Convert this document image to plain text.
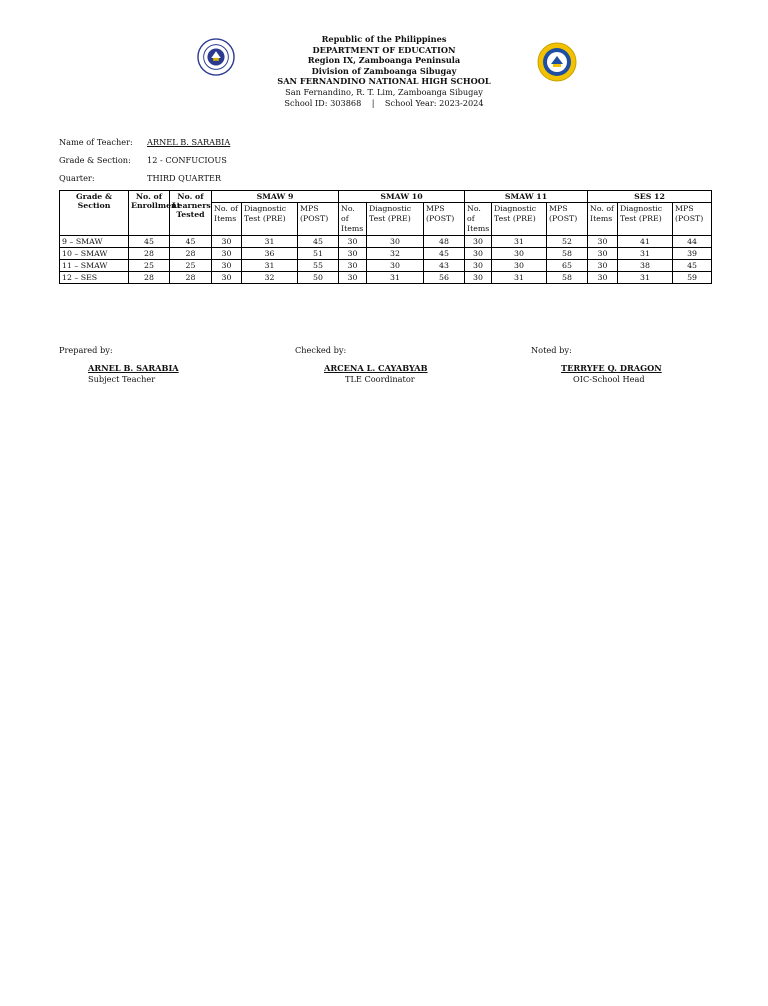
Republic of the Philippines
DEPARTMENT OF EDUCATION
Region IX, Zamboanga Peninsula
Division of Zamboanga Sibugay
SAN FERNANDINO NATIONAL HIGH SCHOOL
San Fernandino, R. T. Lim, Zamboanga Sibugay
School ID: 303868    |    School Year: 2023-2024
Name of Teacher: ARNEL B. SARABIA
Grade & Section: 12 - CONFUCIOUS
Quarter:	THIRD QUARTER
Grade & Section	No. of Enrollment	No. of Learners Tested	SMAW 9			SMAW 10			SMAW 11			SES 12		
			No. of Items	Diagnostic Test (PRE)	MPS (POST)	No. of Items	Diagnostic Test (PRE)	MPS (POST)	No. of Items	Diagnostic Test (PRE)	MPS (POST)	No. of Items	Diagnostic Test (PRE)	MPS (POST)
9 – SMAW	45	45	30	31	45	30	30	48	30	31	52	30	41	44
10 – SMAW	28	28	30	36	51	30	32	45	30	30	58	30	31	39
11 – SMAW	25	25	30	31	55	30	30	43	30	30	65	30	38	45
12 – SES	28	28	30	32	50	30	31	56	30	31	58	30	31	59
Prepared by:
ARNEL B. SARABIA
Subject Teacher
Checked by:
ARCENA L. CAYABYAB
TLE Coordinator
Noted by:
TERRYFE Q. DRAGON
OIC-School Head
